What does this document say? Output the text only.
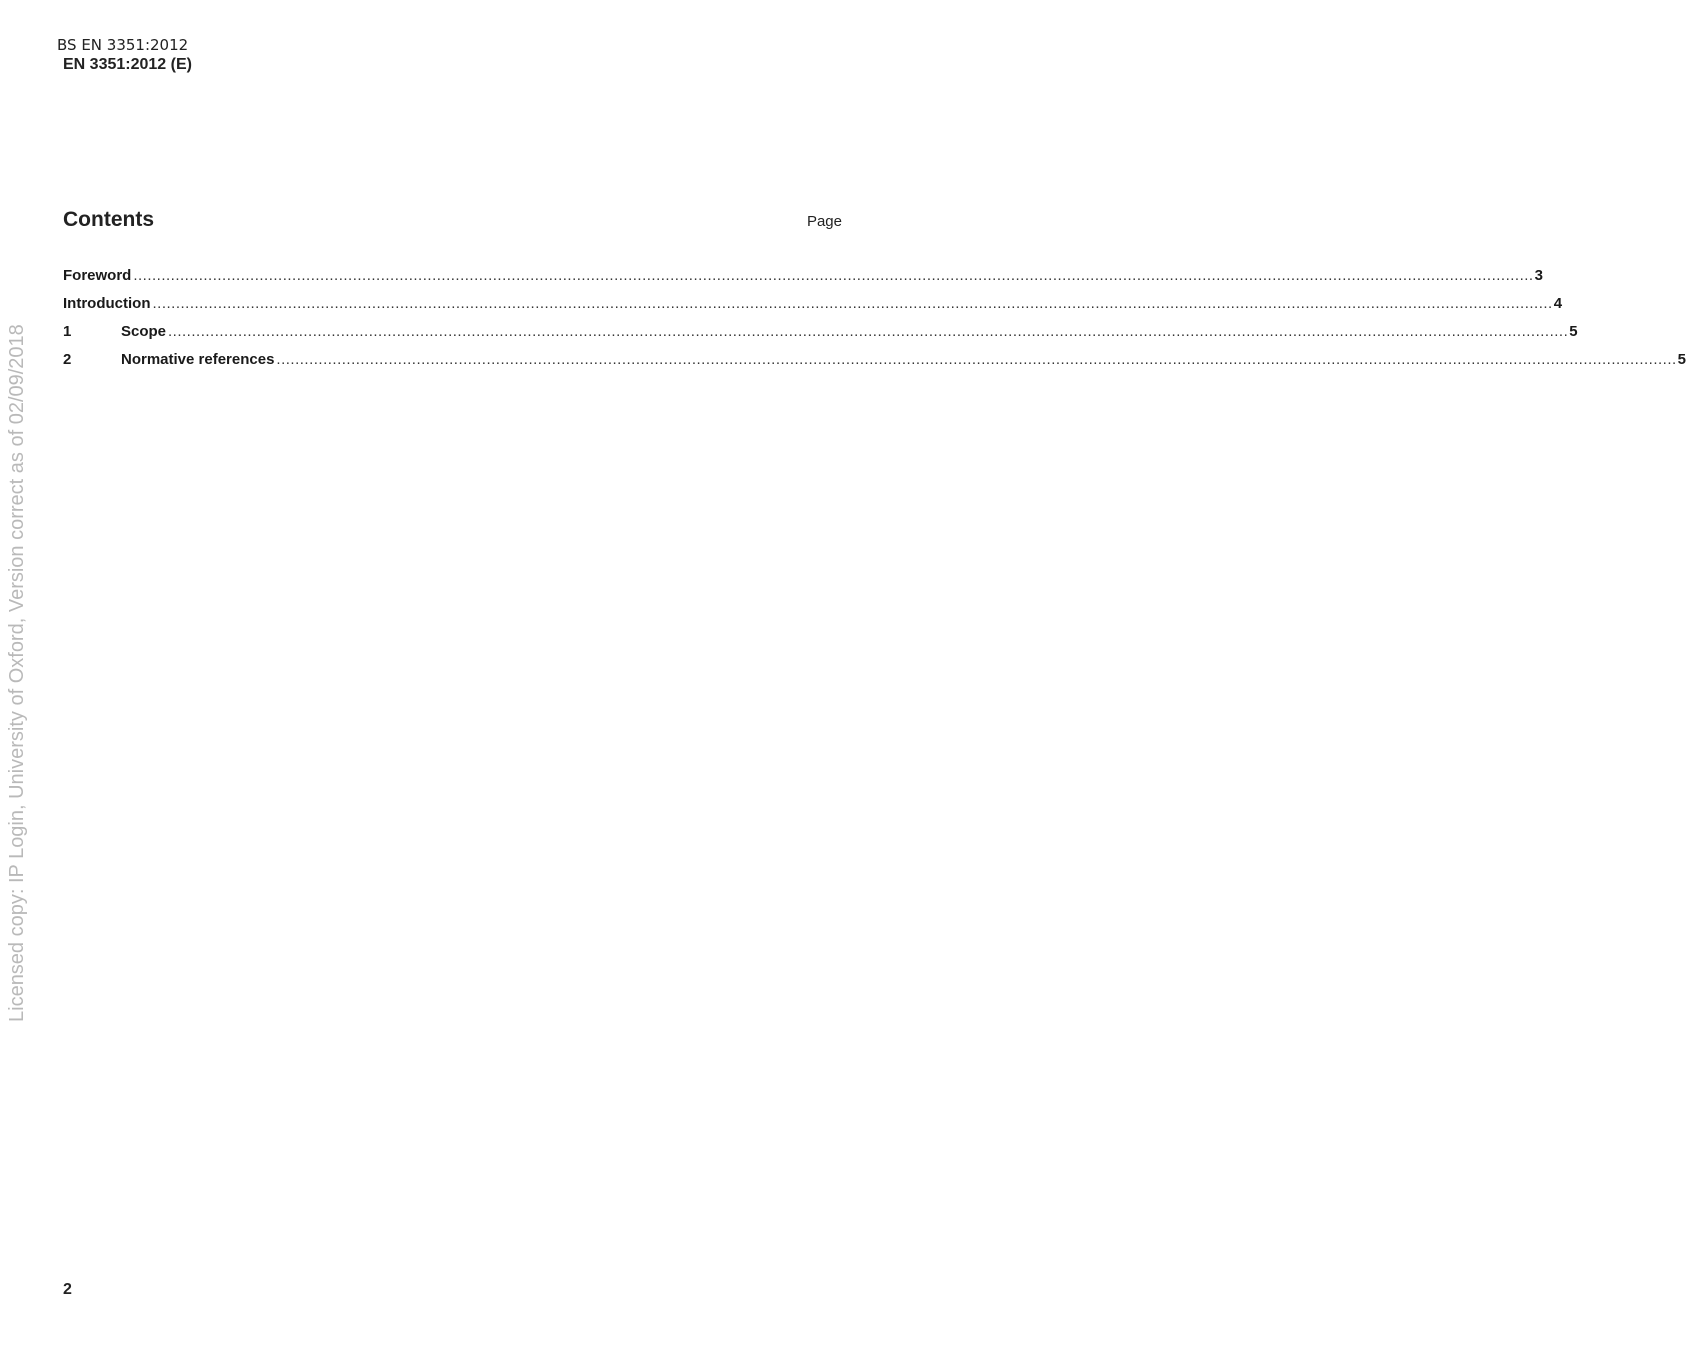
BS EN 3351:2012
EN 3351:2012 (E)
Contents	Page
Foreword ............................................................................................................................................................................................................................................................................................................ 3
Introduction ............................................................................................................................................................................................................................................................................................................ 4
1	Scope ............................................................................................................................................................................................................................................................................................................ 5
2	Normative references ............................................................................................................................................................................................................................................................................................................ 5
Licensed copy: IP Login, University of Oxford, Version correct as of 02/09/2018
2
